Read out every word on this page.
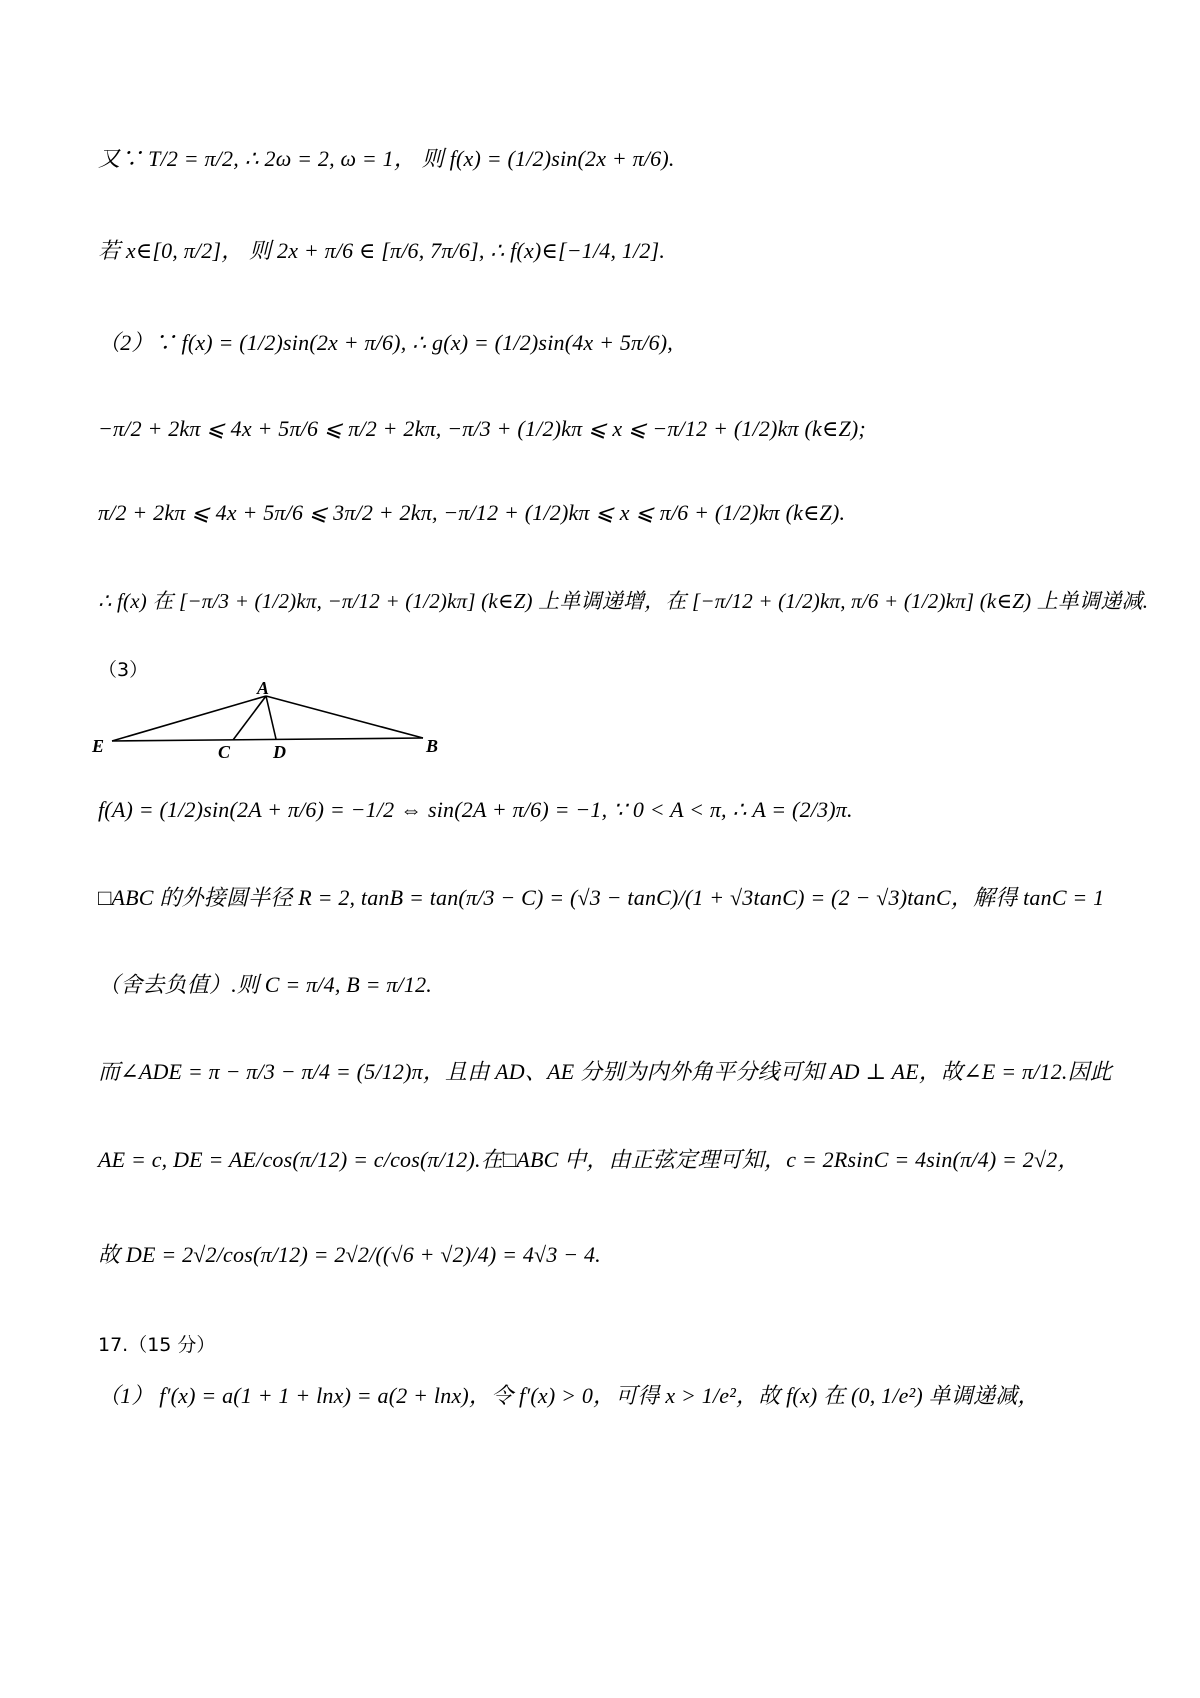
又∵ T/2 = π/2, ∴ 2ω = 2, ω = 1， 则 f(x) = (1/2)sin(2x + π/6).
若 x∈[0, π/2]， 则 2x + π/6 ∈ [π/6, 7π/6], ∴ f(x)∈[−1/4, 1/2].
（2）∵ f(x) = (1/2)sin(2x + π/6), ∴ g(x) = (1/2)sin(4x + 5π/6),
−π/2 + 2kπ ⩽ 4x + 5π/6 ⩽ π/2 + 2kπ, −π/3 + (1/2)kπ ⩽ x ⩽ −π/12 + (1/2)kπ (k∈Z);
π/2 + 2kπ ⩽ 4x + 5π/6 ⩽ 3π/2 + 2kπ, −π/12 + (1/2)kπ ⩽ x ⩽ π/6 + (1/2)kπ (k∈Z).
∴ f(x) 在 [−π/3 + (1/2)kπ, −π/12 + (1/2)kπ] (k∈Z) 上单调递增，在 [−π/12 + (1/2)kπ, π/6 + (1/2)kπ] (k∈Z) 上单调递减.
（3）
A
E	C D	B
f(A) = (1/2)sin(2A + π/6) = −1/2 ⇔ sin(2A + π/6) = −1, ∵ 0 < A < π, ∴ A = (2/3)π.
□ABC 的外接圆半径 R = 2, tanB = tan(π/3 − C) = (√3 − tanC)/(1 + √3tanC) = (2 − √3)tanC，解得 tanC = 1
（舍去负值）.则 C = π/4, B = π/12.
而∠ADE = π − π/3 − π/4 = (5/12)π，且由 AD、AE 分别为内外角平分线可知 AD ⊥ AE，故∠E = π/12.因此
AE = c, DE = AE/cos(π/12) = c/cos(π/12).在□ABC 中，由正弦定理可知，c = 2RsinC = 4sin(π/4) = 2√2，
故 DE = 2√2/cos(π/12) = 2√2/((√6 + √2)/4) = 4√3 − 4.
17.（15 分）
（1） f′(x) = a(1 + 1 + lnx) = a(2 + lnx)，令 f′(x) > 0，可得 x > 1/e²，故 f(x) 在 (0, 1/e²) 单调递减，
